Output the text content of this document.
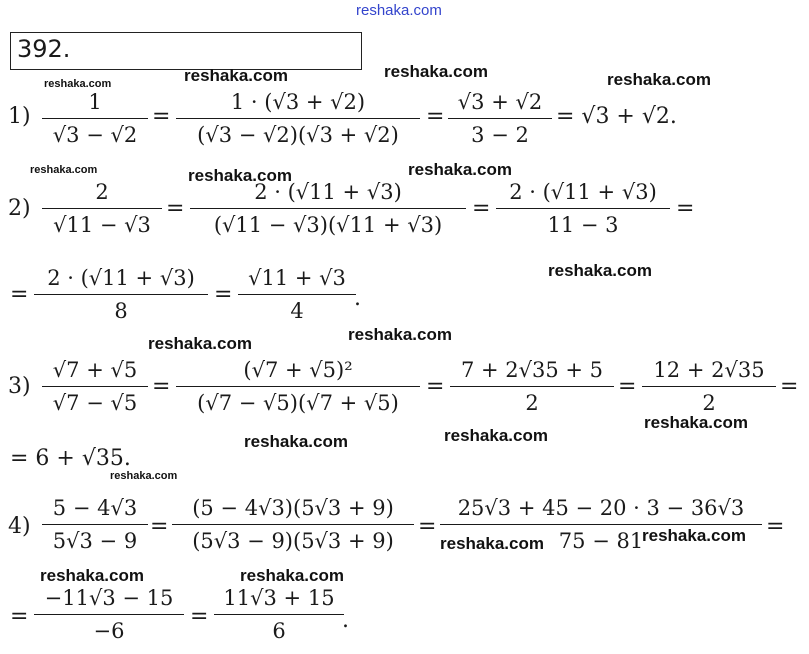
reshaka.com
392.
reshaka.com	reshaka.com	reshaka.com	reshaka.com
reshaka.com	reshaka.com	reshaka.com
reshaka.com
reshaka.com	reshaka.com
reshaka.com	reshaka.com
reshaka.com
reshaka.com
reshaka.com	reshaka.com
reshaka.com	reshaka.com
1)
1
√3 − √2
=
1 · (√3 + √2)
(√3 − √2)(√3 + √2)
=
√3 + √2
3 − 2
= √3 + √2.
2)
2
√11 − √3
=
2 · (√11 + √3)
(√11 − √3)(√11 + √3)
=
2 · (√11 + √3)
11 − 3
=
=
2 · (√11 + √3)
8
=
√11 + √3
4
.
3)
√7 + √5
√7 − √5
=
(√7 + √5)²
(√7 − √5)(√7 + √5)
=
7 + 2√35 + 5
2
=
12 + 2√35
2
=
= 6 + √35.
4)
5 − 4√3
5√3 − 9
=
(5 − 4√3)(5√3 + 9)
(5√3 − 9)(5√3 + 9)
=
25√3 + 45 − 20 · 3 − 36√3
75 − 81
=
=
−11√3 − 15
−6
=
11√3 + 15
6	.
